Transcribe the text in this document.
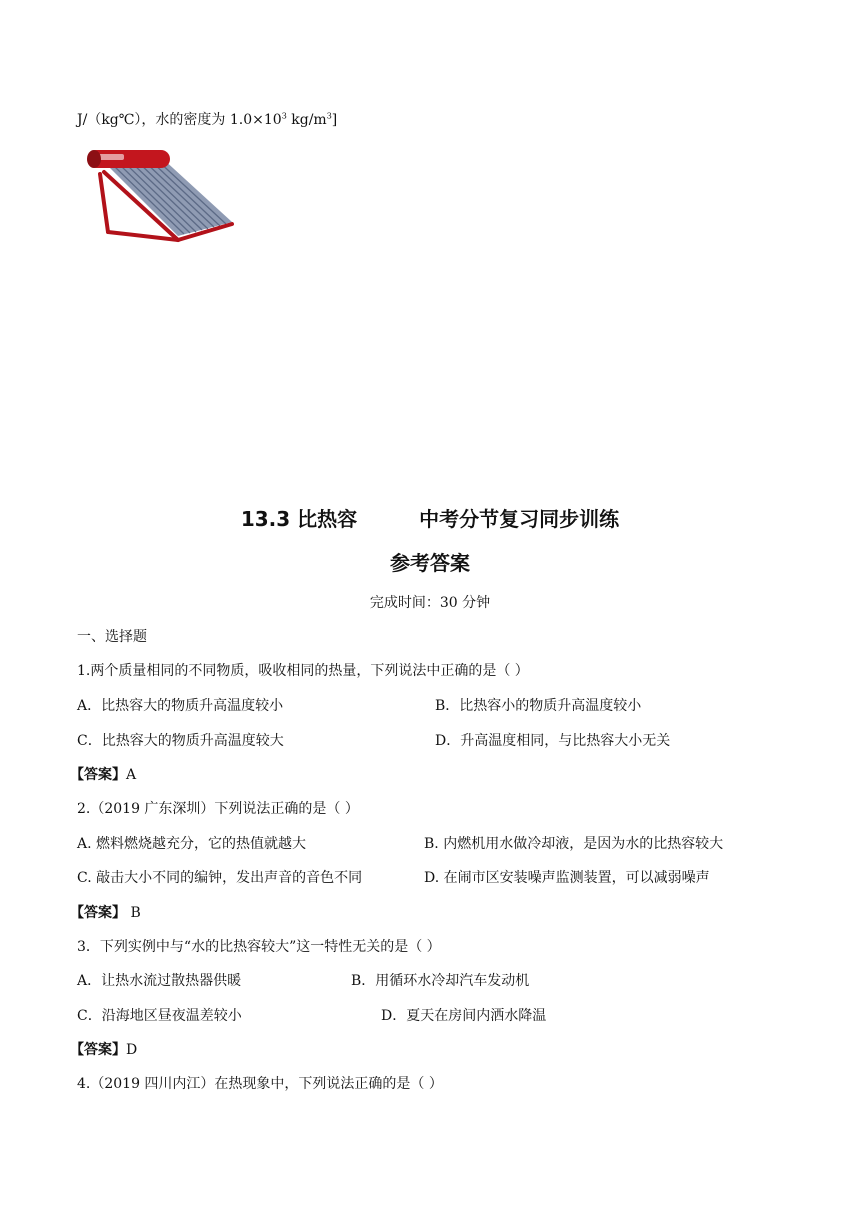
J/（kg℃），水的密度为 $1.0\times 10^3$ $kg/m^3$]
13.3 比热容	中考分节复习同步训练
参考答案
完成时间：30 分钟
一、选择题
1.两个质量相同的不同物质，吸收相同的热量，下列说法中正确的是（ ）
A．比热容大的物质升高温度较小	B．比热容小的物质升高温度较小
C．比热容大的物质升高温度较大	D．升高温度相同，与比热容大小无关
【答案】A
2.（2019 广东深圳）下列说法正确的是（ ）
A. 燃料燃烧越充分，它的热值就越大	B. 内燃机用水做冷却液，是因为水的比热容较大
C. 敲击大小不同的编钟，发出声音的音色不同	D. 在闹市区安装噪声监测装置，可以减弱噪声
【答案】 B
3．下列实例中与“水的比热容较大”这一特性无关的是（ ）
A．让热水流过散热器供暖	B．用循环水冷却汽车发动机
C．沿海地区昼夜温差较小	D．夏天在房间内洒水降温
【答案】D
4.（2019 四川内江）在热现象中，下列说法正确的是（ ）
